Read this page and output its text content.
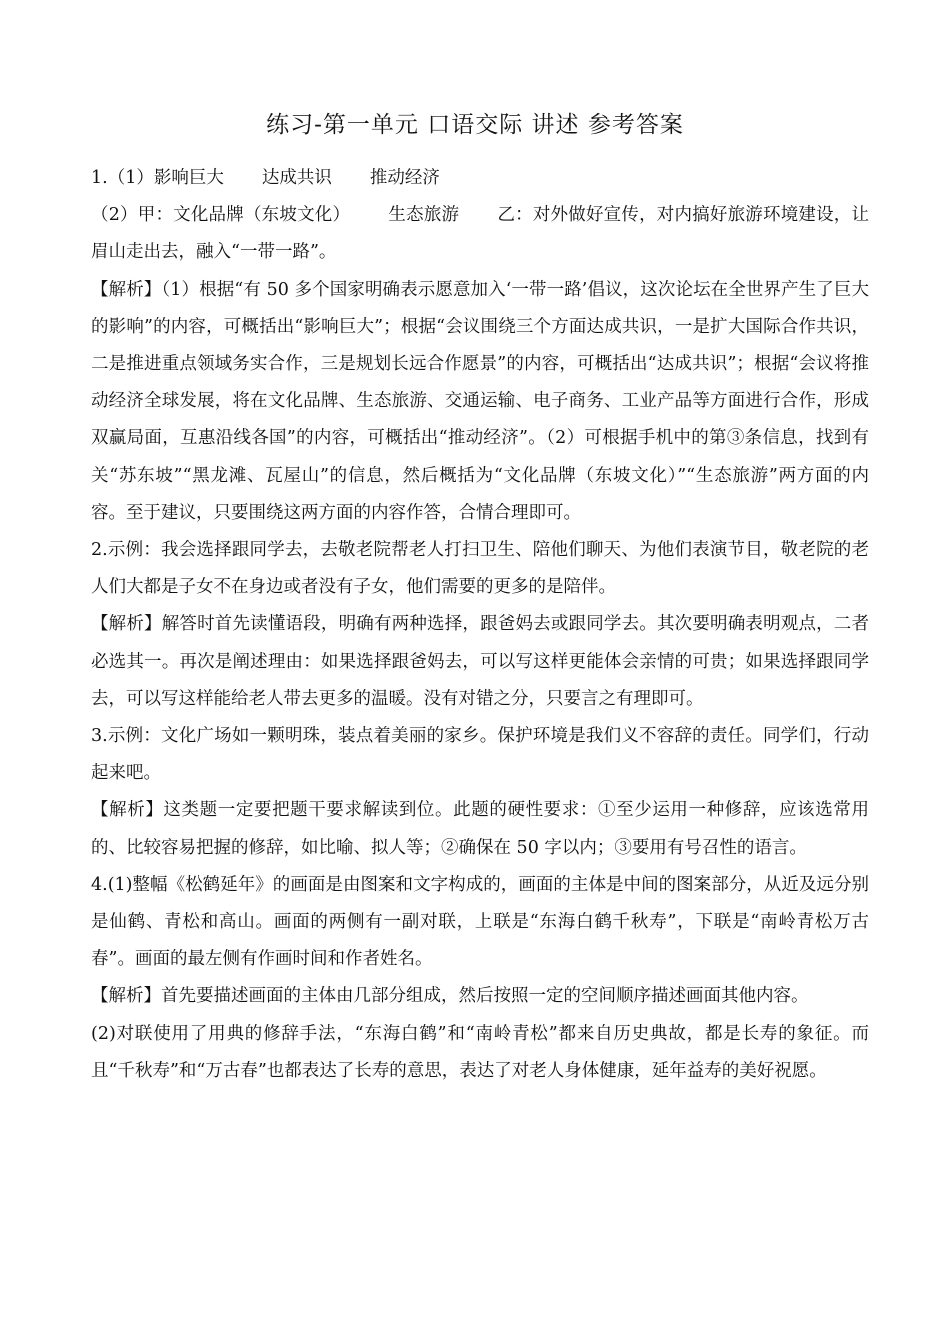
练习-第一单元 口语交际 讲述 参考答案

1.（1）影响巨大 达成共识 推动经济

（2）甲：文化品牌（东坡文化） 生态旅游 乙：对外做好宣传，对内搞好旅游环境建设，让眉山走出去，融入“一带一路”。

【解析】（1）根据“有 50 多个国家明确表示愿意加入‘一带一路’倡议，这次论坛在全世界产生了巨大的影响”的内容，可概括出“影响巨大”；根据“会议围绕三个方面达成共识，一是扩大国际合作共识，二是推进重点领域务实合作，三是规划长远合作愿景”的内容，可概括出“达成共识”；根据“会议将推动经济全球发展，将在文化品牌、生态旅游、交通运输、电子商务、工业产品等方面进行合作，形成双赢局面，互惠沿线各国”的内容，可概括出“推动经济”。（2）可根据手机中的第③条信息，找到有关“苏东坡”“黑龙滩、瓦屋山”的信息，然后概括为“文化品牌（东坡文化）”“生态旅游”两方面的内容。至于建议，只要围绕这两方面的内容作答，合情合理即可。

2.示例：我会选择跟同学去，去敬老院帮老人打扫卫生、陪他们聊天、为他们表演节目，敬老院的老人们大都是子女不在身边或者没有子女，他们需要的更多的是陪伴。

【解析】解答时首先读懂语段，明确有两种选择，跟爸妈去或跟同学去。其次要明确表明观点，二者必选其一。再次是阐述理由：如果选择跟爸妈去，可以写这样更能体会亲情的可贵；如果选择跟同学去，可以写这样能给老人带去更多的温暖。没有对错之分，只要言之有理即可。

3.示例：文化广场如一颗明珠，装点着美丽的家乡。保护环境是我们义不容辞的责任。同学们，行动起来吧。

【解析】这类题一定要把题干要求解读到位。此题的硬性要求：①至少运用一种修辞，应该选常用的、比较容易把握的修辞，如比喻、拟人等；②确保在 50 字以内；③要用有号召性的语言。

4.(1)整幅《松鹤延年》的画面是由图案和文字构成的，画面的主体是中间的图案部分，从近及远分别是仙鹤、青松和高山。画面的两侧有一副对联，上联是“东海白鹤千秋寿”，下联是“南岭青松万古春”。画面的最左侧有作画时间和作者姓名。

【解析】首先要描述画面的主体由几部分组成，然后按照一定的空间顺序描述画面其他内容。

(2)对联使用了用典的修辞手法，“东海白鹤”和“南岭青松”都来自历史典故，都是长寿的象征。而且“千秋寿”和“万古春”也都表达了长寿的意思，表达了对老人身体健康，延年益寿的美好祝愿。
